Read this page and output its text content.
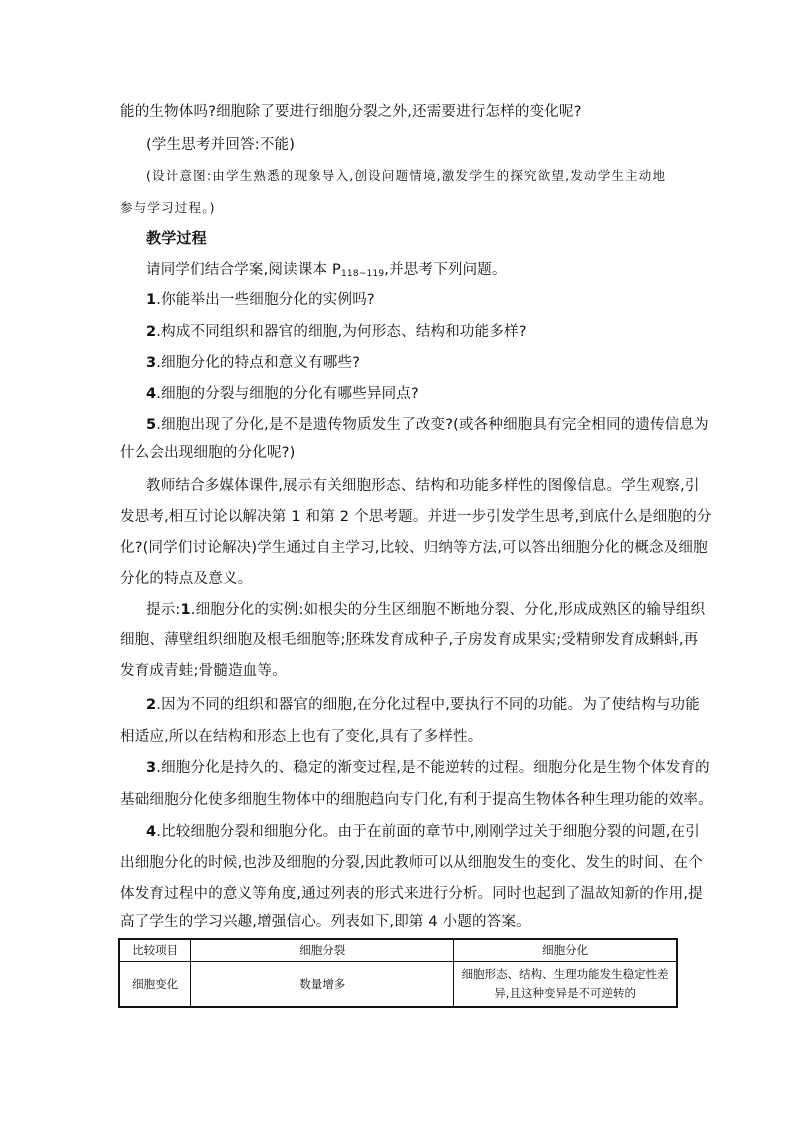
能的生物体吗?细胞除了要进行细胞分裂之外,还需要进行怎样的变化呢?
(学生思考并回答:不能)
(设计意图:由学生熟悉的现象导入,创设问题情境,激发学生的探究欲望,发动学生主动地
参与学习过程。)
教学过程
请同学们结合学案,阅读课本 $P_{118\sim 119}$,并思考下列问题。
1.你能举出一些细胞分化的实例吗?
2.构成不同组织和器官的细胞,为何形态、结构和功能多样?
3.细胞分化的特点和意义有哪些?
4.细胞的分裂与细胞的分化有哪些异同点?
5.细胞出现了分化,是不是遗传物质发生了改变?(或各种细胞具有完全相同的遗传信息为
什么会出现细胞的分化呢?)
教师结合多媒体课件,展示有关细胞形态、结构和功能多样性的图像信息。学生观察,引
发思考,相互讨论以解决第 1 和第 2 个思考题。并进一步引发学生思考,到底什么是细胞的分
化?(同学们讨论解决)学生通过自主学习,比较、归纳等方法,可以答出细胞分化的概念及细胞
分化的特点及意义。
提示:1.细胞分化的实例:如根尖的分生区细胞不断地分裂、分化,形成成熟区的输导组织
细胞、薄壁组织细胞及根毛细胞等;胚珠发育成种子,子房发育成果实;受精卵发育成蝌蚪,再
发育成青蛙;骨髓造血等。
2.因为不同的组织和器官的细胞,在分化过程中,要执行不同的功能。为了使结构与功能
相适应,所以在结构和形态上也有了变化,具有了多样性。
3.细胞分化是持久的、稳定的渐变过程,是不能逆转的过程。细胞分化是生物个体发育的
基础细胞分化使多细胞生物体中的细胞趋向专门化,有利于提高生物体各种生理功能的效率。
4.比较细胞分裂和细胞分化。由于在前面的章节中,刚刚学过关于细胞分裂的问题,在引
出细胞分化的时候,也涉及细胞的分裂,因此教师可以从细胞发生的变化、发生的时间、在个
体发育过程中的意义等角度,通过列表的形式来进行分析。同时也起到了温故知新的作用,提
高了学生的学习兴趣,增强信心。列表如下,即第 4 小题的答案。
比较项目	细胞分裂	细胞分化
细胞变化	数量增多	细胞形态、结构、生理功能发生稳定性差
异,且这种变异是不可逆转的
